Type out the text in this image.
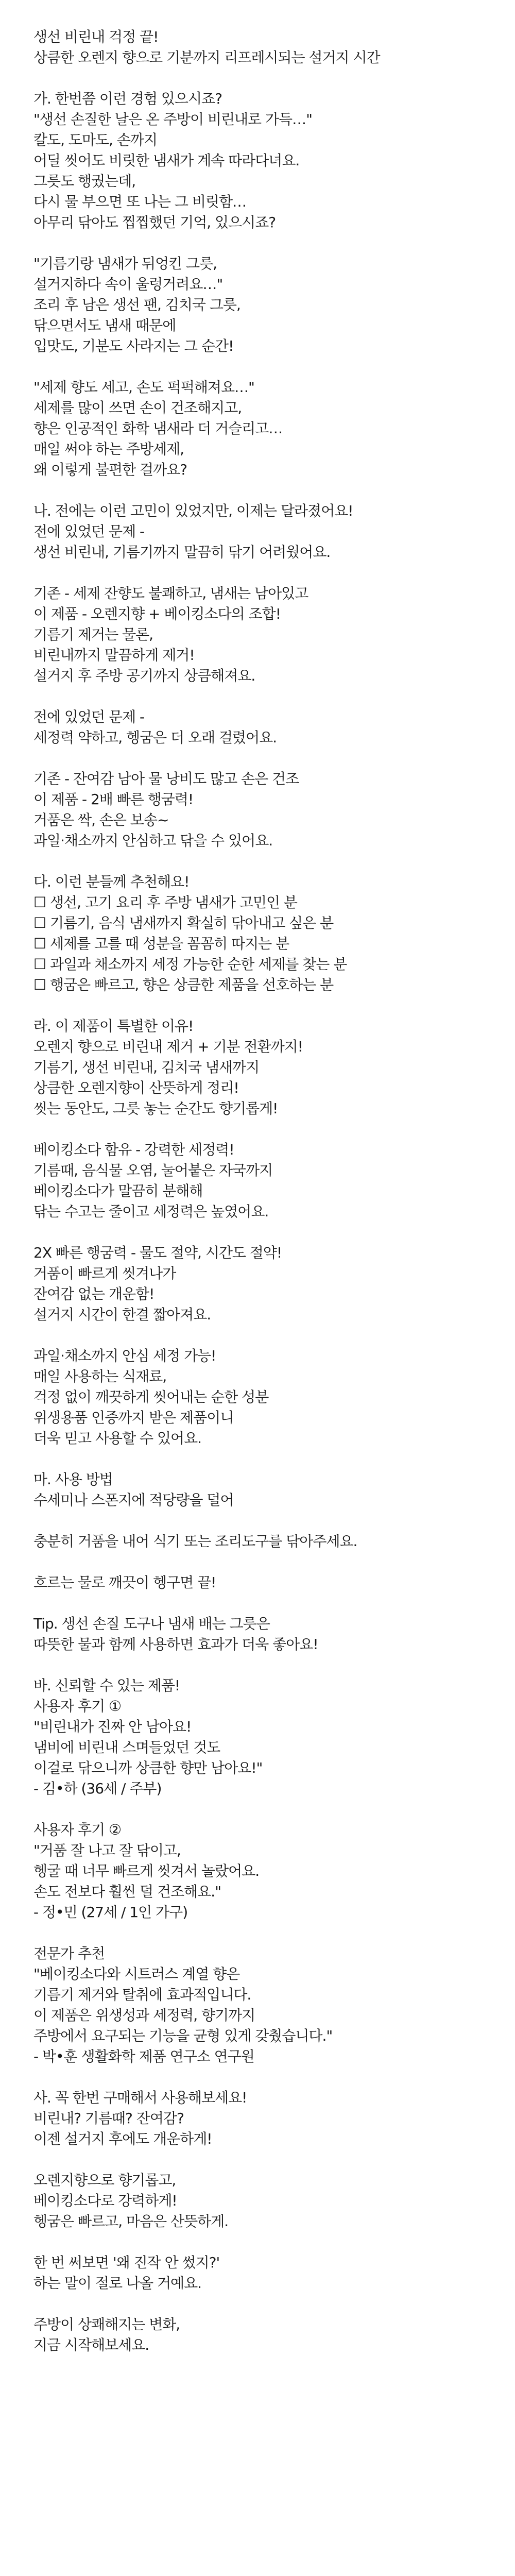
생선 비린내 걱정 끝!
상큼한 오렌지 향으로 기분까지 리프레시되는 설거지 시간
가. 한번쯤 이런 경험 있으시죠?
"생선 손질한 날은 온 주방이 비린내로 가득…"
칼도, 도마도, 손까지
어딜 씻어도 비릿한 냄새가 계속 따라다녀요.
그릇도 행궜는데,
다시 물 부으면 또 나는 그 비릿함…
아무리 닦아도 찝찝했던 기억, 있으시죠?
"기름기랑 냄새가 뒤엉킨 그릇,
설거지하다 속이 울렁거려요…"
조리 후 남은 생선 팬, 김치국 그릇,
닦으면서도 냄새 때문에
입맛도, 기분도 사라지는 그 순간!
"세제 향도 세고, 손도 퍽퍽해져요…"
세제를 많이 쓰면 손이 건조해지고,
향은 인공적인 화학 냄새라 더 거슬리고…
매일 써야 하는 주방세제,
왜 이렇게 불편한 걸까요?
나. 전에는 이런 고민이 있었지만, 이제는 달라졌어요!
전에 있었던 문제 -
생선 비린내, 기름기까지 말끔히 닦기 어려웠어요.
기존 - 세제 잔향도 불쾌하고, 냄새는 남아있고
이 제품 - 오렌지향 + 베이킹소다의 조합!
기름기 제거는 물론,
비린내까지 말끔하게 제거!
설거지 후 주방 공기까지 상큼해져요.
전에 있었던 문제 -
세정력 약하고, 헹굼은 더 오래 걸렸어요.
기존 - 잔여감 남아 물 낭비도 많고 손은 건조
이 제품 - 2배 빠른 행굼력!
거품은 싹, 손은 보송~
과일·채소까지 안심하고 닦을 수 있어요.
다. 이런 분들께 추천해요!
☐ 생선, 고기 요리 후 주방 냄새가 고민인 분
☐ 기름기, 음식 냄새까지 확실히 닦아내고 싶은 분
☐ 세제를 고를 때 성분을 꼼꼼히 따지는 분
☐ 과일과 채소까지 세정 가능한 순한 세제를 찾는 분
☐ 행굼은 빠르고, 향은 상큼한 제품을 선호하는 분
라. 이 제품이 특별한 이유!
오렌지 향으로 비린내 제거 + 기분 전환까지!
기름기, 생선 비린내, 김치국 냄새까지
상큼한 오렌지향이 산뜻하게 정리!
씻는 동안도, 그릇 놓는 순간도 향기롭게!
베이킹소다 함유 - 강력한 세정력!
기름때, 음식물 오염, 눌어붙은 자국까지
베이킹소다가 말끔히 분해해
닦는 수고는 줄이고 세정력은 높였어요.
2X 빠른 행굼력 - 물도 절약, 시간도 절약!
거품이 빠르게 씻겨나가
잔여감 없는 개운함!
설거지 시간이 한결 짧아져요.
과일·채소까지 안심 세정 가능!
매일 사용하는 식재료,
걱정 없이 깨끗하게 씻어내는 순한 성분
위생용품 인증까지 받은 제품이니
더욱 믿고 사용할 수 있어요.
마. 사용 방법
수세미나 스폰지에 적당량을 덜어
충분히 거품을 내어 식기 또는 조리도구를 닦아주세요.
흐르는 물로 깨끗이 헹구면 끝!
Tip. 생선 손질 도구나 냄새 배는 그릇은
따뜻한 물과 함께 사용하면 효과가 더욱 좋아요!
바. 신뢰할 수 있는 제품!
사용자 후기 ①
"비린내가 진짜 안 남아요!
냄비에 비린내 스며들었던 것도
이걸로 닦으니까 상큼한 향만 남아요!"
- 김•하 (36세 / 주부)
사용자 후기 ②
"거품 잘 나고 잘 닦이고,
헹굴 때 너무 빠르게 씻겨서 놀랐어요.
손도 전보다 훨씬 덜 건조해요."
- 정•민 (27세 / 1인 가구)
전문가 추천
"베이킹소다와 시트러스 계열 향은
기름기 제거와 탈취에 효과적입니다.
이 제품은 위생성과 세정력, 향기까지
주방에서 요구되는 기능을 균형 있게 갖췄습니다."
- 박•훈 생활화학 제품 연구소 연구원
사. 꼭 한번 구매해서 사용해보세요!
비린내? 기름때? 잔여감?
이젠 설거지 후에도 개운하게!
오렌지향으로 향기롭고,
베이킹소다로 강력하게!
헹굼은 빠르고, 마음은 산뜻하게.
한 번 써보면 '왜 진작 안 썼지?'
하는 말이 절로 나올 거예요.
주방이 상쾌해지는 변화,
지금 시작해보세요.
